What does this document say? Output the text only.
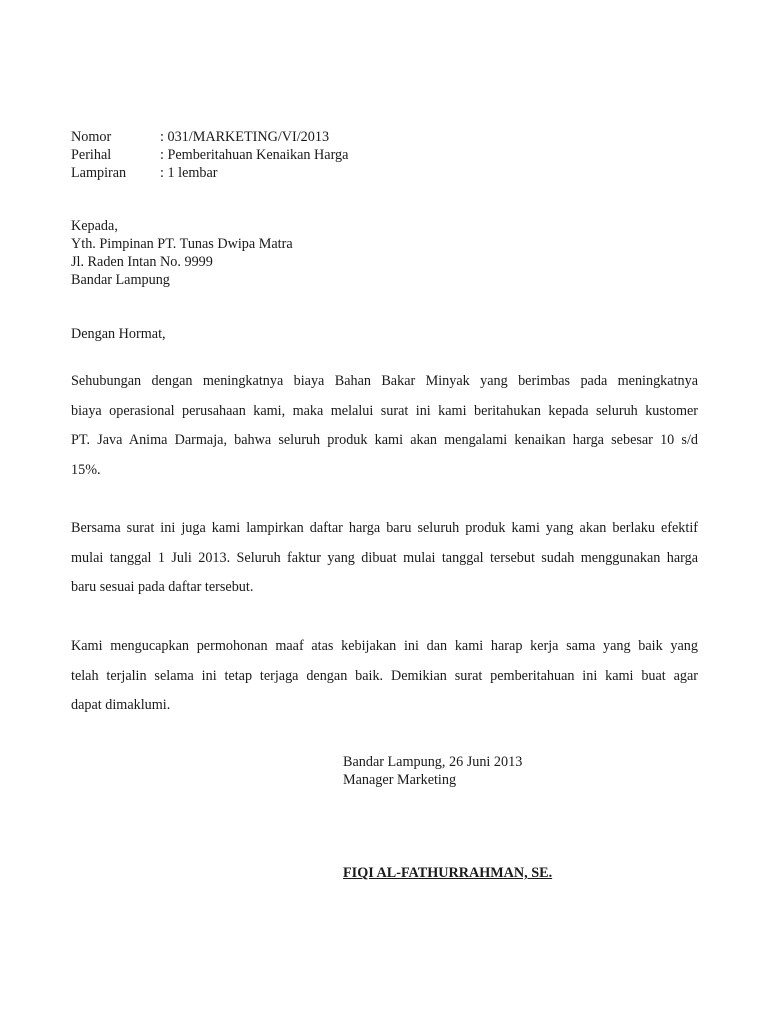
Nomor	: 031/MARKETING/VI/2013
Perihal	: Pemberitahuan Kenaikan Harga
Lampiran : 1 lembar
Kepada,
Yth. Pimpinan PT. Tunas Dwipa Matra
Jl. Raden Intan No. 9999
Bandar Lampung
Dengan Hormat,
Sehubungan dengan meningkatnya biaya Bahan Bakar Minyak yang berimbas pada meningkatnya
biaya operasional perusahaan kami, maka melalui surat ini kami beritahukan kepada seluruh kustomer
PT. Java Anima Darmaja, bahwa seluruh produk kami akan mengalami kenaikan harga sebesar 10 s/d
15%.
Bersama surat ini juga kami lampirkan daftar harga baru seluruh produk kami yang akan berlaku efektif
mulai tanggal 1 Juli 2013. Seluruh faktur yang dibuat mulai tanggal tersebut sudah menggunakan harga
baru sesuai pada daftar tersebut.
Kami mengucapkan permohonan maaf atas kebijakan ini dan kami harap kerja sama yang baik yang
telah terjalin selama ini tetap terjaga dengan baik. Demikian surat pemberitahuan ini kami buat agar
dapat dimaklumi.
Bandar Lampung, 26 Juni 2013
Manager Marketing
FIQI AL-FATHURRAHMAN, SE.
